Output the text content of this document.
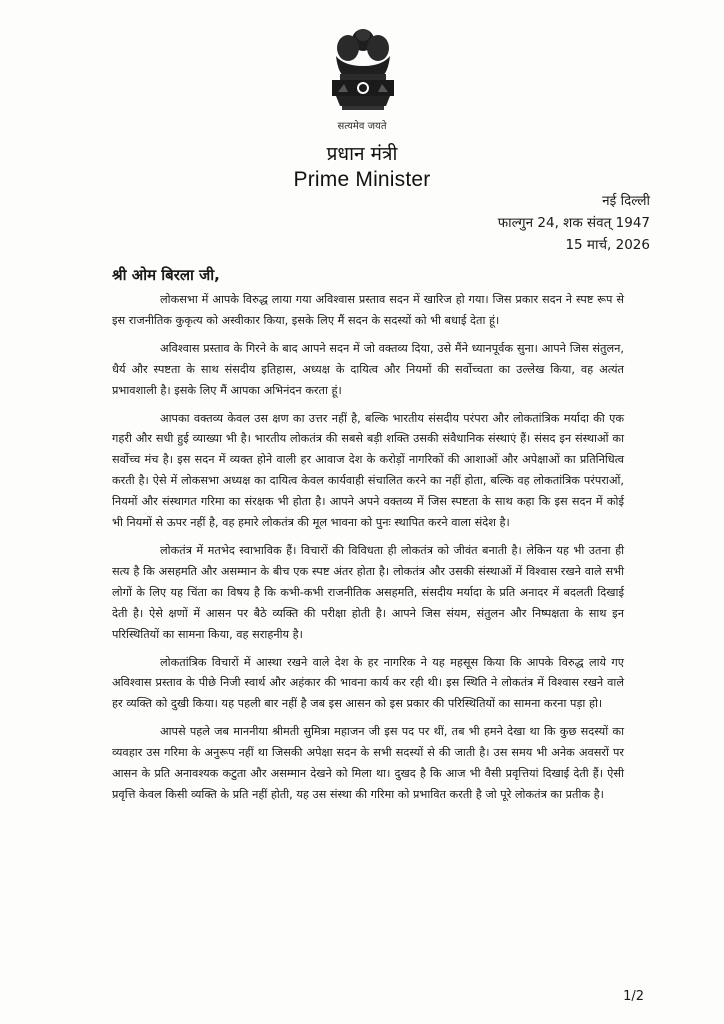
सत्यमेव जयते
प्रधान मंत्री
Prime Minister
नई दिल्ली
फाल्गुन 24, शक संवत् 1947
15 मार्च, 2026
श्री ओम बिरला जी,

लोकसभा में आपके विरुद्ध लाया गया अविश्वास प्रस्ताव सदन में खारिज हो गया। जिस प्रकार सदन ने स्पष्ट रूप से इस राजनीतिक कुकृत्य को अस्वीकार किया, इसके लिए मैं सदन के सदस्यों को भी बधाई देता हूं।

अविश्वास प्रस्ताव के गिरने के बाद आपने सदन में जो वक्तव्य दिया, उसे मैंने ध्यानपूर्वक सुना। आपने जिस संतुलन, धैर्य और स्पष्टता के साथ संसदीय इतिहास, अध्यक्ष के दायित्व और नियमों की सर्वोच्चता का उल्लेख किया, वह अत्यंत प्रभावशाली है। इसके लिए मैं आपका अभिनंदन करता हूं।

आपका वक्तव्य केवल उस क्षण का उत्तर नहीं है, बल्कि भारतीय संसदीय परंपरा और लोकतांत्रिक मर्यादा की एक गहरी और सधी हुई व्याख्या भी है। भारतीय लोकतंत्र की सबसे बड़ी शक्ति उसकी संवैधानिक संस्थाएं हैं। संसद इन संस्थाओं का सर्वोच्च मंच है। इस सदन में व्यक्त होने वाली हर आवाज देश के करोड़ों नागरिकों की आशाओं और अपेक्षाओं का प्रतिनिधित्व करती है। ऐसे में लोकसभा अध्यक्ष का दायित्व केवल कार्यवाही संचालित करने का नहीं होता, बल्कि वह लोकतांत्रिक परंपराओं, नियमों और संस्थागत गरिमा का संरक्षक भी होता है। आपने अपने वक्तव्य में जिस स्पष्टता के साथ कहा कि इस सदन में कोई भी नियमों से ऊपर नहीं है, वह हमारे लोकतंत्र की मूल भावना को पुनः स्थापित करने वाला संदेश है।

लोकतंत्र में मतभेद स्वाभाविक हैं। विचारों की विविधता ही लोकतंत्र को जीवंत बनाती है। लेकिन यह भी उतना ही सत्य है कि असहमति और असम्मान के बीच एक स्पष्ट अंतर होता है। लोकतंत्र और उसकी संस्थाओं में विश्वास रखने वाले सभी लोगों के लिए यह चिंता का विषय है कि कभी-कभी राजनीतिक असहमति, संसदीय मर्यादा के प्रति अनादर में बदलती दिखाई देती है। ऐसे क्षणों में आसन पर बैठे व्यक्ति की परीक्षा होती है। आपने जिस संयम, संतुलन और निष्पक्षता के साथ इन परिस्थितियों का सामना किया, वह सराहनीय है।

लोकतांत्रिक विचारों में आस्था रखने वाले देश के हर नागरिक ने यह महसूस किया कि आपके विरुद्ध लाये गए अविश्वास प्रस्ताव के पीछे निजी स्वार्थ और अहंकार की भावना कार्य कर रही थी। इस स्थिति ने लोकतंत्र में विश्वास रखने वाले हर व्यक्ति को दुखी किया। यह पहली बार नहीं है जब इस आसन को इस प्रकार की परिस्थितियों का सामना करना पड़ा हो।

आपसे पहले जब माननीया श्रीमती सुमित्रा महाजन जी इस पद पर थीं, तब भी हमने देखा था कि कुछ सदस्यों का व्यवहार उस गरिमा के अनुरूप नहीं था जिसकी अपेक्षा सदन के सभी सदस्यों से की जाती है। उस समय भी अनेक अवसरों पर आसन के प्रति अनावश्यक कटुता और असम्मान देखने को मिला था। दुखद है कि आज भी वैसी प्रवृत्तियां दिखाई देती हैं। ऐसी प्रवृत्ति केवल किसी व्यक्ति के प्रति नहीं होती, यह उस संस्था की गरिमा को प्रभावित करती है जो पूरे लोकतंत्र का प्रतीक है।

1/2
